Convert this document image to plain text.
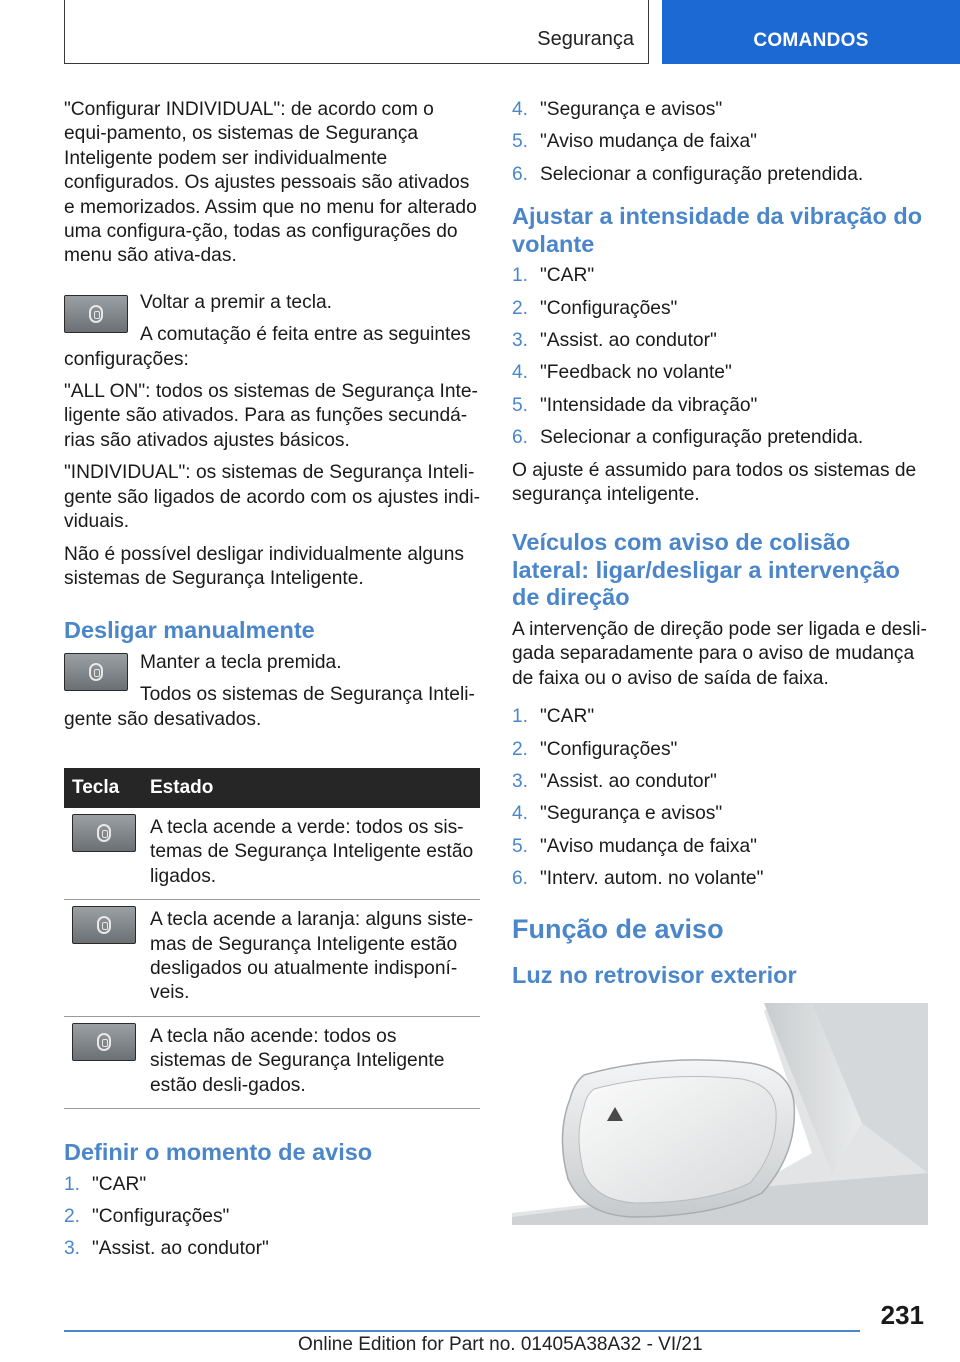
Segurança	COMANDOS

"Configurar INDIVIDUAL": de acordo com o equi-pamento, os sistemas de Segurança Inteligente podem ser individualmente configurados. Os ajustes pessoais são ativados e memorizados. Assim que no menu for alterado uma configura-ção, todas as configurações do menu são ativa-das.

Voltar a premir a tecla.

A comutação é feita entre as seguintes configurações:

"ALL ON": todos os sistemas de Segurança Inte-ligente são ativados. Para as funções secundá-rias são ativados ajustes básicos.

"INDIVIDUAL": os sistemas de Segurança Inteli-gente são ligados de acordo com os ajustes indi-viduais.

Não é possível desligar individualmente alguns sistemas de Segurança Inteligente.

Desligar manualmente

Manter a tecla premida.

Todos os sistemas de Segurança Inteli-gente são desativados.

Tecla	Estado

	A tecla acende a verde: todos os sis-temas de Segurança Inteligente estão ligados.

	A tecla acende a laranja: alguns siste-mas de Segurança Inteligente estão desligados ou atualmente indisponí-veis.

	A tecla não acende: todos os sistemas de Segurança Inteligente estão desli-gados.
Definir o momento de aviso
1. "CAR"
2. "Configurações"
3. "Assist. ao condutor"
4. "Segurança e avisos"
5. "Aviso mudança de faixa"
6. Selecionar a configuração pretendida.
Ajustar a intensidade da vibração do volante
1. "CAR"
2. "Configurações"
3. "Assist. ao condutor"
4. "Feedback no volante"
5. "Intensidade da vibração"
6. Selecionar a configuração pretendida.

O ajuste é assumido para todos os sistemas de segurança inteligente.

Veículos com aviso de colisão lateral: ligar/desligar a intervenção de direção

A intervenção de direção pode ser ligada e desli-gada separadamente para o aviso de mudança de faixa ou o aviso de saída de faixa.

1. "CAR"
2. "Configurações"
3. "Assist. ao condutor"
4. "Segurança e avisos"
5. "Aviso mudança de faixa"
6. "Interv. autom. no volante"
Função de aviso
Luz no retrovisor exterior
231
Online Edition for Part no. 01405A38A32 - VI/21
